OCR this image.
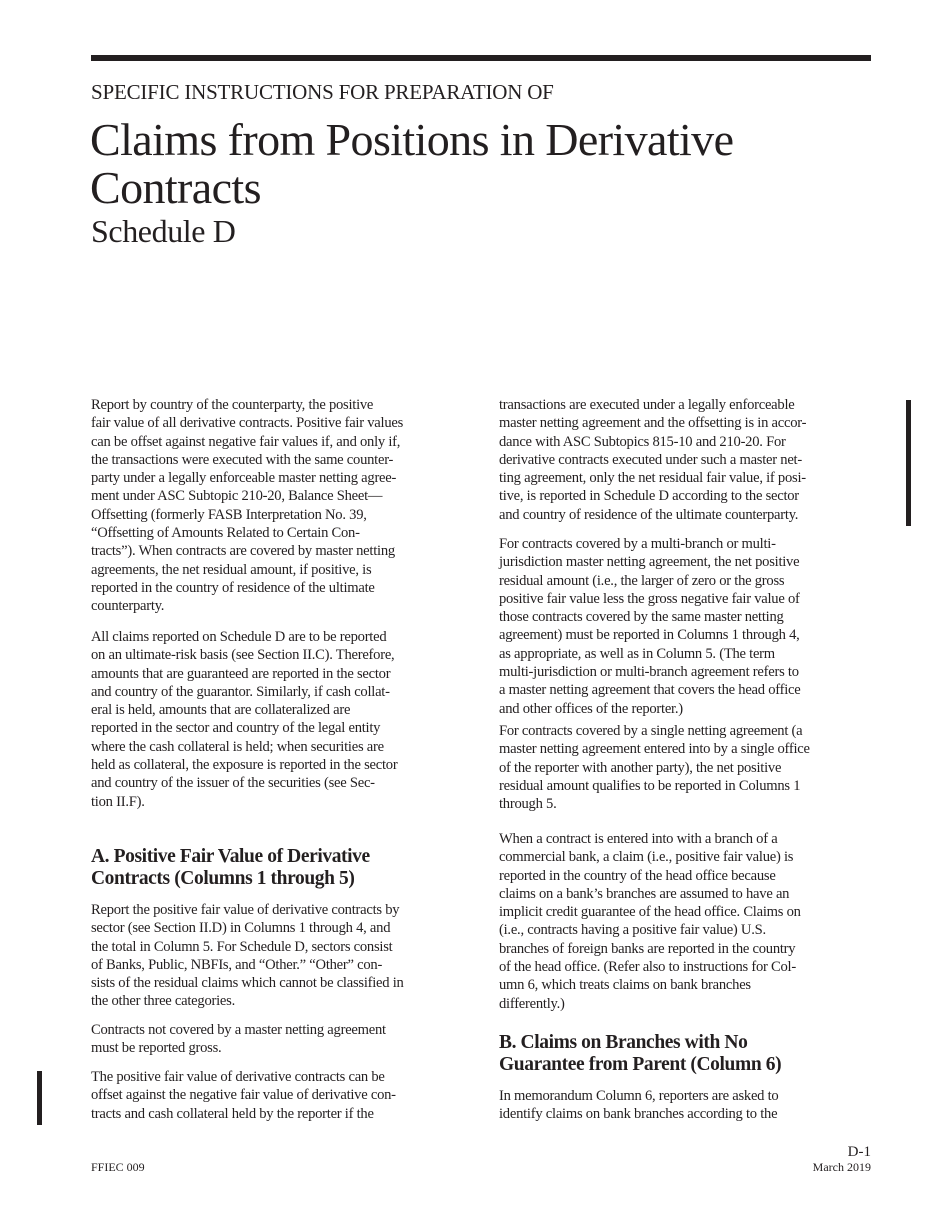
SPECIFIC INSTRUCTIONS FOR PREPARATION OF
Claims from Positions in Derivative
Contracts
Schedule D
Report by country of the counterparty, the positive
fair value of all derivative contracts. Positive fair values
can be offset against negative fair values if, and only if,
the transactions were executed with the same counter-
party under a legally enforceable master netting agree-
ment under ASC Subtopic 210-20, Balance Sheet—
Offsetting (formerly FASB Interpretation No. 39,
“Offsetting of Amounts Related to Certain Con-
tracts”). When contracts are covered by master netting
agreements, the net residual amount, if positive, is
reported in the country of residence of the ultimate
counterparty.
All claims reported on Schedule D are to be reported
on an ultimate-risk basis (see Section II.C). Therefore,
amounts that are guaranteed are reported in the sector
and country of the guarantor. Similarly, if cash collat-
eral is held, amounts that are collateralized are
reported in the sector and country of the legal entity
where the cash collateral is held; when securities are
held as collateral, the exposure is reported in the sector
and country of the issuer of the securities (see Sec-
tion II.F).
A. Positive Fair Value of Derivative
Contracts (Columns 1 through 5)
Report the positive fair value of derivative contracts by
sector (see Section II.D) in Columns 1 through 4, and
the total in Column 5. For Schedule D, sectors consist
of Banks, Public, NBFIs, and “Other.” “Other” con-
sists of the residual claims which cannot be classified in
the other three categories.
Contracts not covered by a master netting agreement
must be reported gross.
The positive fair value of derivative contracts can be
offset against the negative fair value of derivative con-
tracts and cash collateral held by the reporter if the
transactions are executed under a legally enforceable
master netting agreement and the offsetting is in accor-
dance with ASC Subtopics 815-10 and 210-20. For
derivative contracts executed under such a master net-
ting agreement, only the net residual fair value, if posi-
tive, is reported in Schedule D according to the sector
and country of residence of the ultimate counterparty.
For contracts covered by a multi-branch or multi-
jurisdiction master netting agreement, the net positive
residual amount (i.e., the larger of zero or the gross
positive fair value less the gross negative fair value of
those contracts covered by the same master netting
agreement) must be reported in Columns 1 through 4,
as appropriate, as well as in Column 5. (The term
multi-jurisdiction or multi-branch agreement refers to
a master netting agreement that covers the head office
and other offices of the reporter.)
For contracts covered by a single netting agreement (a
master netting agreement entered into by a single office
of the reporter with another party), the net positive
residual amount qualifies to be reported in Columns 1
through 5.
When a contract is entered into with a branch of a
commercial bank, a claim (i.e., positive fair value) is
reported in the country of the head office because
claims on a bank’s branches are assumed to have an
implicit credit guarantee of the head office. Claims on
(i.e., contracts having a positive fair value) U.S.
branches of foreign banks are reported in the country
of the head office. (Refer also to instructions for Col-
umn 6, which treats claims on bank branches
differently.)
B. Claims on Branches with No
Guarantee from Parent (Column 6)
In memorandum Column 6, reporters are asked to
identify claims on bank branches according to the
FFIEC 009
D-1
March 2019
